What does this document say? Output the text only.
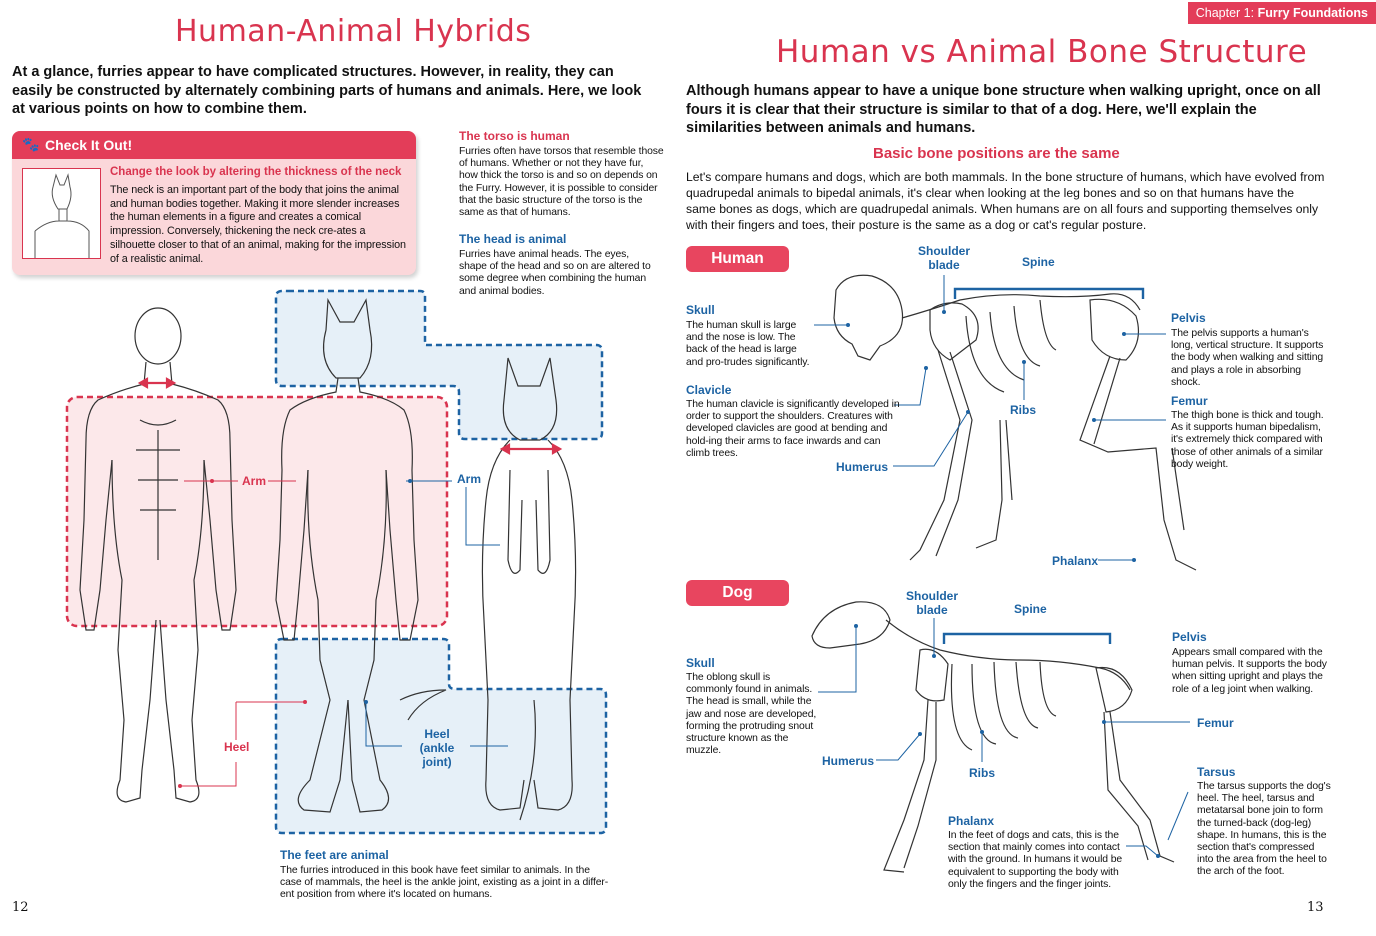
Human-Animal Hybrids
At a glance, furries appear to have complicated structures. However, in reality, they can easily be constructed by alternately combining parts of humans and animals. Here, we look at various points on how to combine them.
🐾 Check It Out!
Change the look by altering the thickness of the neck
The neck is an important part of the body that joins the animal and human bodies together. Making it more slender increases the human elements in a figure and creates a comical impression. Conversely, thickening the neck cre-ates a silhouette closer to that of an animal, making for the impression of a realistic animal.
The torso is human
Furries often have torsos that resemble those of humans. Whether or not they have fur, how thick the torso is and so on depends on the Furry. However, it is possible to consider that the basic structure of the torso is the same as that of humans.
The head is animal
Furries have animal heads. The eyes, shape of the head and so on are altered to some degree when combining the human and animal bodies.
Arm	Arm
Heel
Heel
(ankle joint)
The feet are animal
The furries introduced in this book have feet similar to animals. In the case of mammals, the heel is the ankle joint, existing as a joint in a differ-ent position from where it's located on humans.
12
Chapter 1: Furry Foundations
Human vs Animal Bone Structure
Although humans appear to have a unique bone structure when walking upright, once on all fours it is clear that their structure is similar to that of a dog. Here, we'll explain the similarities between animals and humans.
Basic bone positions are the same
Let's compare humans and dogs, which are both mammals. In the bone structure of humans, which have evolved from quadrupedal animals to bipedal animals, it's clear when looking at the leg bones and so on that humans have the same bones as dogs, which are quadrupedal animals. When humans are on all fours and supporting themselves only with their fingers and toes, their posture is the same as a dog or cat's regular posture.
Human
Skull
The human skull is large and the nose is low. The back of the head is large and pro-trudes significantly.
Clavicle
The human clavicle is significantly developed in order to support the shoulders. Creatures with developed clavicles are good at bending and hold-ing their arms to face inwards and can climb trees.
Shoulder
blade	Spine
Ribs
Humerus
Phalanx
Pelvis
The pelvis supports a human's long, vertical structure. It supports the body when walking and sitting and plays a role in absorbing shock.
Femur
The thigh bone is thick and tough. As it supports human bipedalism, it's extremely thick compared with those of other animals of a similar body weight.
Dog
Skull
The oblong skull is commonly found in animals. The head is small, while the jaw and nose are developed, forming the protruding snout structure known as the muzzle.
Shoulder
blade	Spine
Ribs
Humerus
Phalanx
In the feet of dogs and cats, this is the section that mainly comes into contact with the ground. In humans it would be equivalent to supporting the body with only the fingers and the finger joints.
Pelvis
Appears small compared with the human pelvis. It supports the body when sitting upright and plays the role of a leg joint when walking.
Femur
Tarsus
The tarsus supports the dog's heel. The heel, tarsus and metatarsal bone join to form the turned-back (dog-leg) shape. In humans, this is the section that's compressed into the area from the heel to the arch of the foot.
13
